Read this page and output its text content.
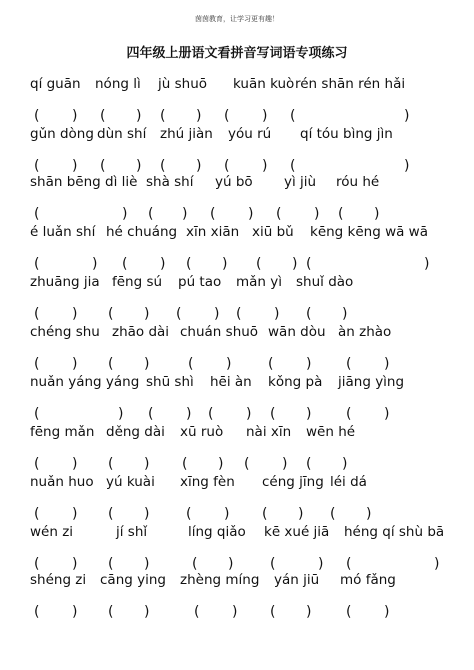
茵茵教育，让学习更有趣！
四年级上册语文看拼音写词语专项练习
qí guān nóng lì jù shuō kuān kuò rén shān rén hǎi
( ) ( ) ( ) ( ) (	)
gǔn dòng dùn shí zhú jiàn yóu rú qí tóu bìng jìn
( ) ( ) ( ) ( ) (	)
shān bēng dì liè shà shí yú bō yì jiù róu hé
(	) ( ) ( ) ( ) ( )
é luǎn shí hé chuáng xīn xiān xiū bǔ kēng kēng wā wā
(	) ( ) ( ) ( ) (	)
zhuāng jia fēng sú pú tao mǎn yì shuǐ dào
( ) ( ) ( ) ( ) ( )
chéng shu zhāo dài chuán shuō wān dòu àn zhào
( ) ( )	( )	( ) ( )
nuǎn yáng yáng shū shì hēi àn kǒng pà jiāng yìng
(	) ( ) ( ) ( ) ( )
fēng mǎn děng dài xū ruò nài xīn wēn hé
( ) ( ) ( ) ( ) ( )
nuǎn huo yú kuài xīng fèn céng jīng léi dá
( ) ( )	( ) ( ) ( )
wén zi	jí shǐ	líng qiǎo kē xué jiā héng qí shù bā
( ) ( )	( )	(	) (	)
shéng zi cāng ying zhèng míng yán jiū mó fǎng
( ) ( )	( ) ( ) ( )
